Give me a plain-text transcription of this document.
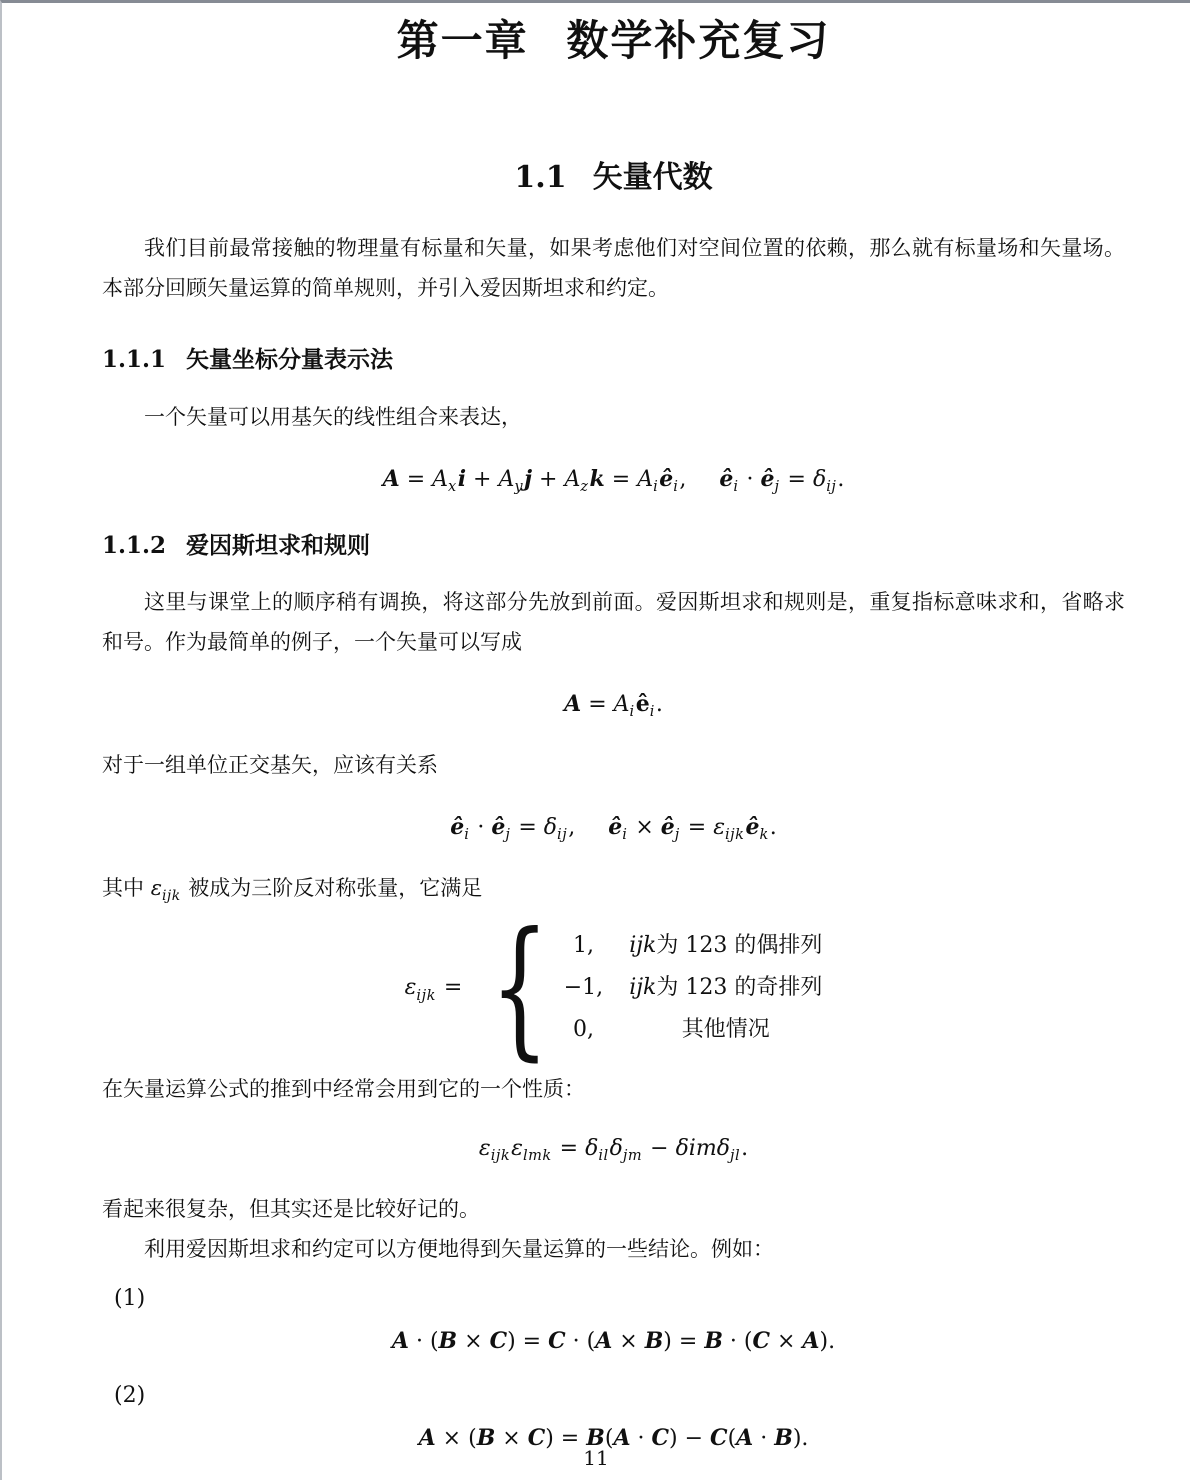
第一章 数学补充复习
1.1 矢量代数

我们目前最常接触的物理量有标量和矢量，如果考虑他们对空间位置的依赖，那么就有标量场和矢量场。本部分回顾矢量运算的简单规则，并引入爱因斯坦求和约定。

1.1.1 矢量坐标分量表示法

一个矢量可以用基矢的线性组合来表达，

$A = A_xi + A_yj + A_zk$ = $A_iê_i$, $ê_i$ · $ê_j = \delta_{ij}$.
1.1.2 爱因斯坦求和规则

这里与课堂上的顺序稍有调换，将这部分先放到前面。爱因斯坦求和规则是，重复指标意味求和，省略求和号。作为最简单的例子，一个矢量可以写成

$A = A_iê_i$.

对于一组单位正交基矢，应该有关系

$ê_i$ · $ê_j = \delta_{ij}$, $ê_i$ × $ê_j$ = $\varepsilon_{ijk}ê_k$.

其中 $\varepsilon_{ijk}$ 被成为三阶反对称张量，它满足

$\varepsilon_{ijk}$ = {	1,	ijk为 123 的偶排列
−1, ijk为 123 的奇排列
0,	其他情况

在矢量运算公式的推到中经常会用到它的一个性质：

$\varepsilon_{ijk}\varepsilon_{lmk} = \delta_{il}\delta_{jm} - \delta im\delta_{jl}$.

看起来很复杂，但其实还是比较好记的。

利用爱因斯坦求和约定可以方便地得到矢量运算的一些结论。例如：

(1)

A · (B × C) = C · (A × B) = B · (C × A).

(2)

A × (B × C) = B(A · C) − C(A · B).
11
